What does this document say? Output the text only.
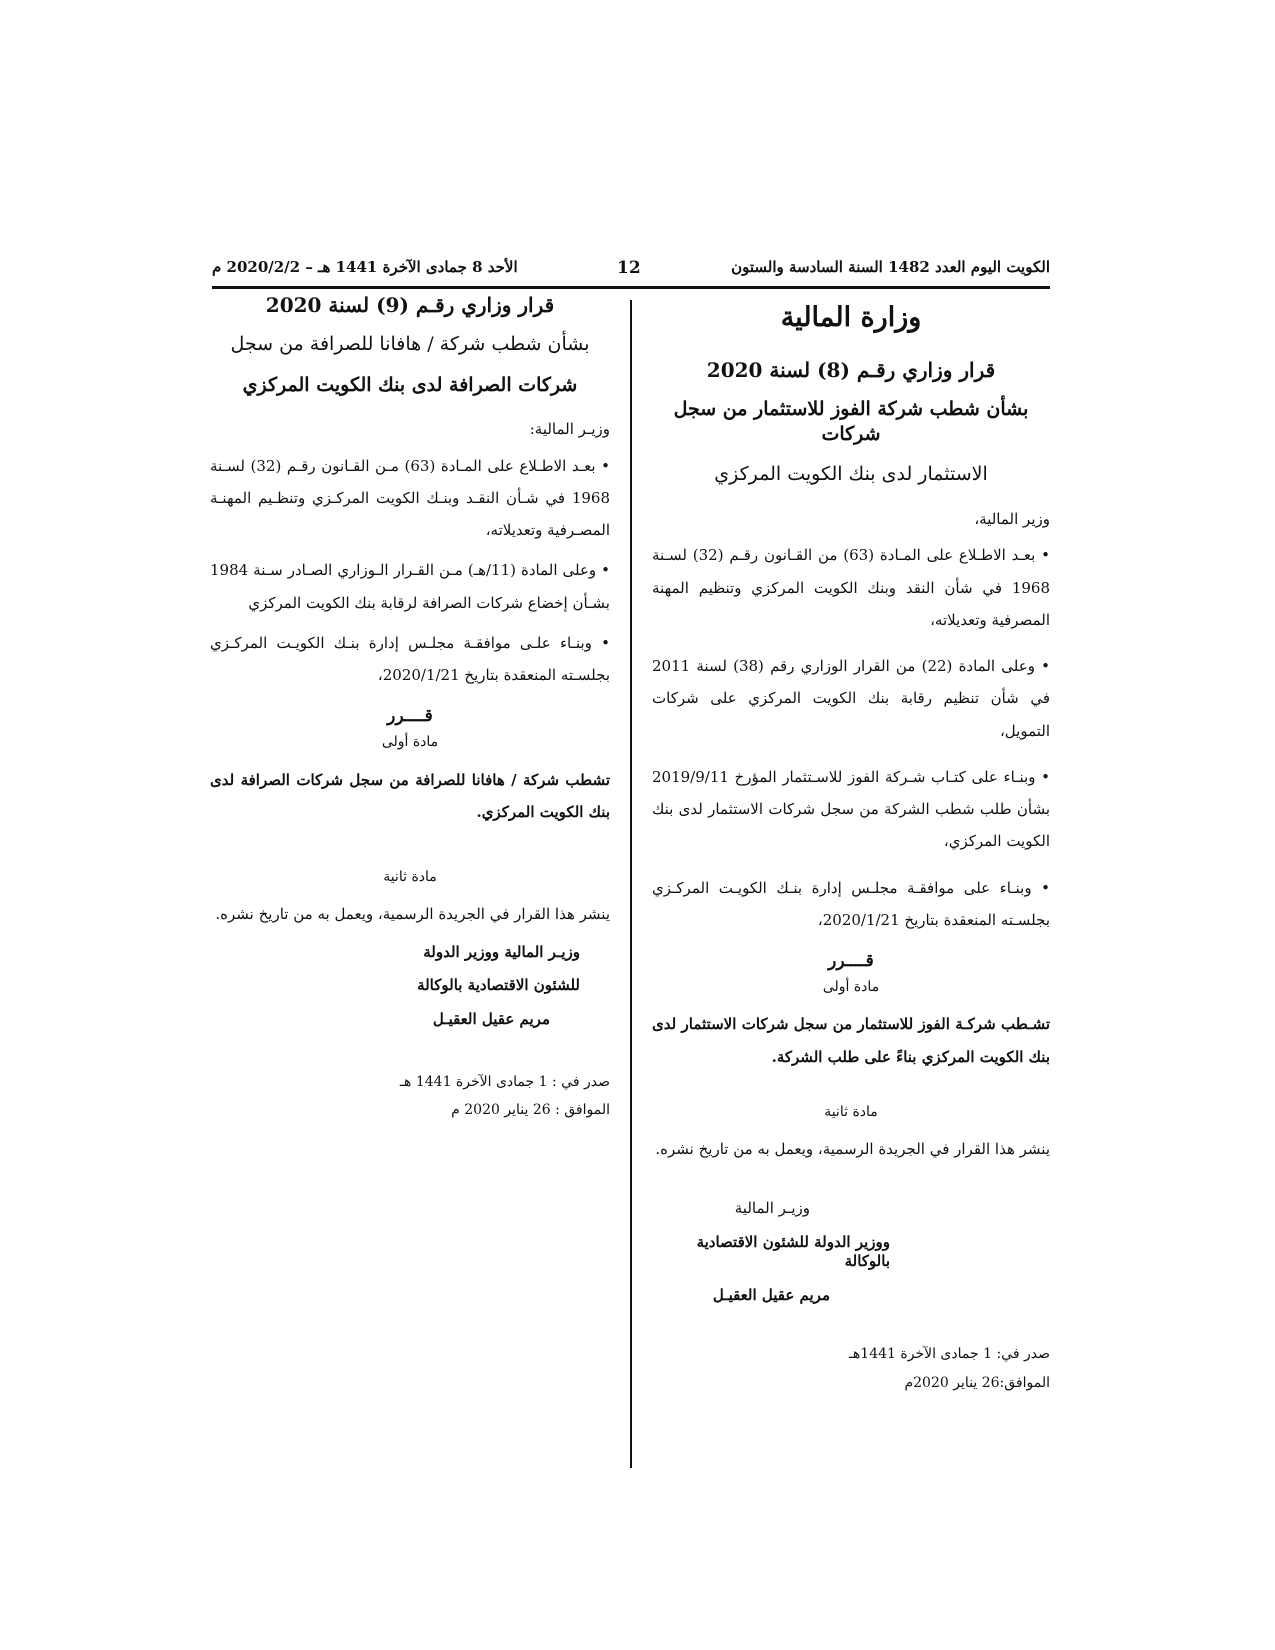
الكويت اليوم العدد 1482 السنة السادسة والستون
12
الأحد 8 جمادى الآخرة 1441 هـ – 2020/2/2 م
وزارة المالية
قرار وزاري رقـم (8) لسنة 2020
بشأن شطب شركة الفوز للاستثمار من سجل شركات
الاستثمار لدى بنك الكويت المركزي
وزير المالية،
• بعـد الاطـلاع على المـادة (63) من القـانون رقـم (32) لسـنة 1968 في شأن النقد وبنك الكويت المركزي وتنظيم المهنة المصرفية وتعديلاته،
• وعلى المادة (22) من القرار الوزاري رقم (38) لسنة 2011 في شأن تنظيم رقابة بنك الكويت المركزي على شركات التمويل،
• وبنـاء على كتـاب شـركة الفوز للاسـتثمار المؤرخ 2019/9/11 بشأن طلب شطب الشركة من سجل شركات الاستثمار لدى بنك الكويت المركزي،
• وبنـاء على موافقـة مجلـس إدارة بنـك الكويـت المركـزي بجلسـته المنعقدة بتاريخ 2020/1/21،
قــــرر
مادة أولى
تشـطب شركـة الفوز للاستثمار من سجل شركات الاستثمار لدى بنك الكويت المركزي بناءً على طلب الشركة.
مادة ثانية
ينشر هذا القرار في الجريدة الرسمية، ويعمل به من تاريخ نشره.
وزيـر المالية
ووزير الدولة للشئون الاقتصادية بالوكالة
مريم عقيل العقيـل
صدر في: 1 جمادى الآخرة 1441هـ
الموافق:26 يناير 2020م
قرار وزاري رقـم (9) لسنة 2020
بشأن شطب شركة / هافانا للصرافة من سجل
شركات الصرافة لدى بنك الكويت المركزي
وزيـر المالية:
• بعـد الاطـلاع على المـادة (63) مـن القـانون رقـم (32) لسـنة 1968 في شـأن النقـد وبنـك الكويت المركـزي وتنظـيم المهنـة المصـرفية وتعديلاته،
• وعلى المادة (11/هـ) مـن القـرار الـوزاري الصـادر سـنة 1984 بشـأن إخضاع شركات الصرافة لرقابة بنك الكويت المركزي
• وبنـاء علـى موافقـة مجلـس إدارة بنـك الكويـت المركـزي بجلسـته المنعقدة بتاريخ 2020/1/21،
قــــرر
مادة أولى
تشطب شركة / هافانا للصرافة من سجل شركات الصرافة لدى بنك الكويت المركزي.
مادة ثانية
ينشر هذا القرار في الجريدة الرسمية، ويعمل به من تاريخ نشره.
وزيـر المالية ووزير الدولة
للشئون الاقتصادية بالوكالة
مريم عقيل العقيـل
صدر في : 1 جمادى الآخرة 1441 هـ
الموافق : 26 يناير 2020 م
